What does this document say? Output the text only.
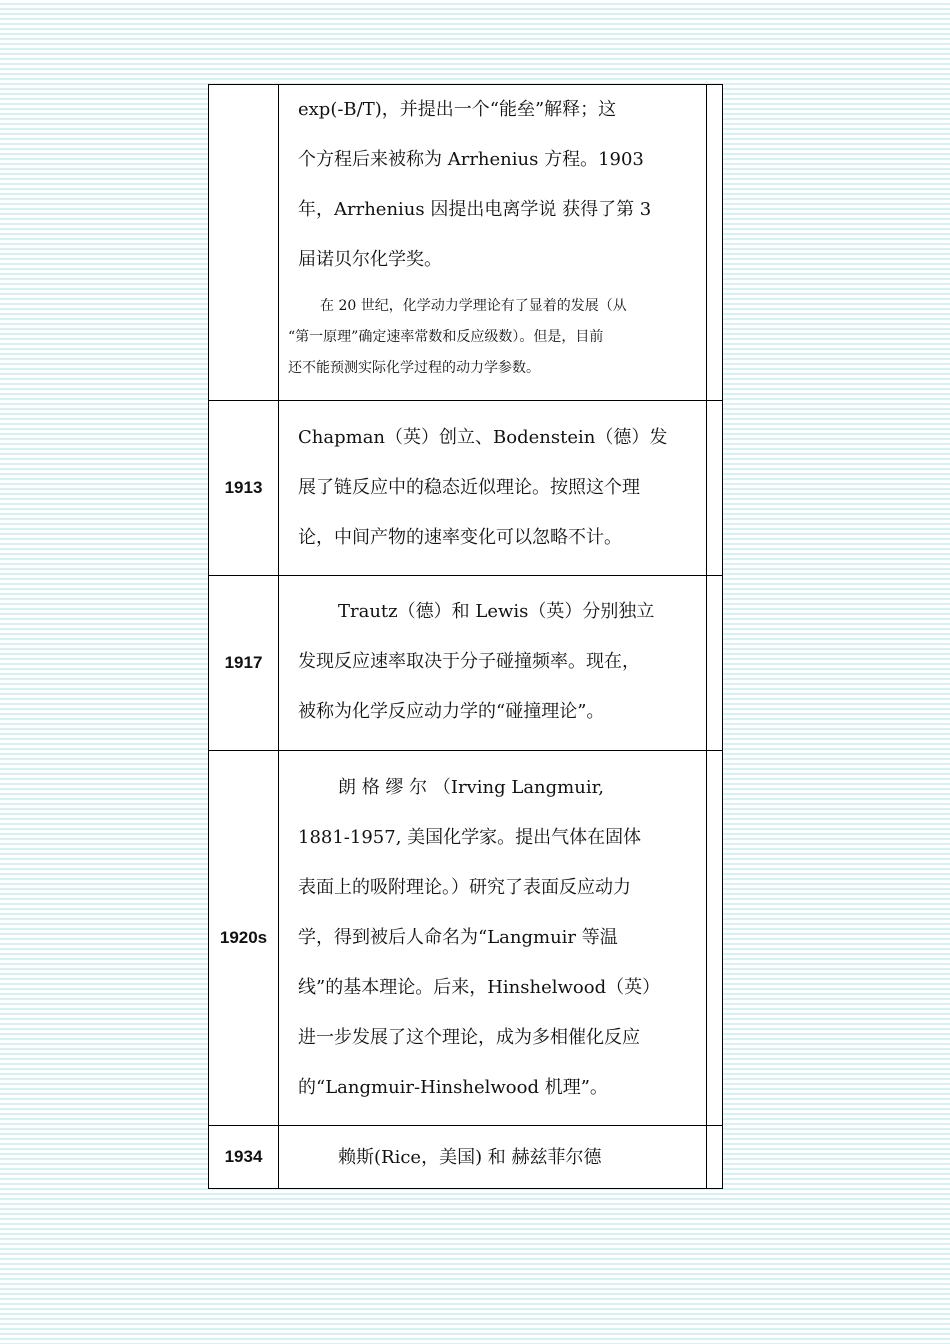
exp(-B/T)，并提出一个“能垒”解释；这
个方程后来被称为 Arrhenius 方程。1903
年，Arrhenius 因提出电离学说 获得了第 3
届诺贝尔化学奖。
在 20 世纪，化学动力学理论有了显着的发展（从
“第一原理”确定速率常数和反应级数）。但是，目前
还不能预测实际化学过程的动力学参数。
1913
Chapman（英）创立、Bodenstein（德）发
展了链反应中的稳态近似理论。按照这个理
论，中间产物的速率变化可以忽略不计。
1917
Trautz（德）和 Lewis（英）分别独立
发现反应速率取决于分子碰撞频率。现在，
被称为化学反应动力学的“碰撞理论”。
1920s
朗 格 缪 尔 （Irving Langmuir,
1881-1957, 美国化学家。提出气体在固体
表面上的吸附理论。）研究了表面反应动力
学，得到被后人命名为“Langmuir 等温
线”的基本理论。后来，Hinshelwood（英）
进一步发展了这个理论，成为多相催化反应
的“Langmuir-Hinshelwood 机理”。
1934	赖斯(Rice，美国) 和 赫兹菲尔德
